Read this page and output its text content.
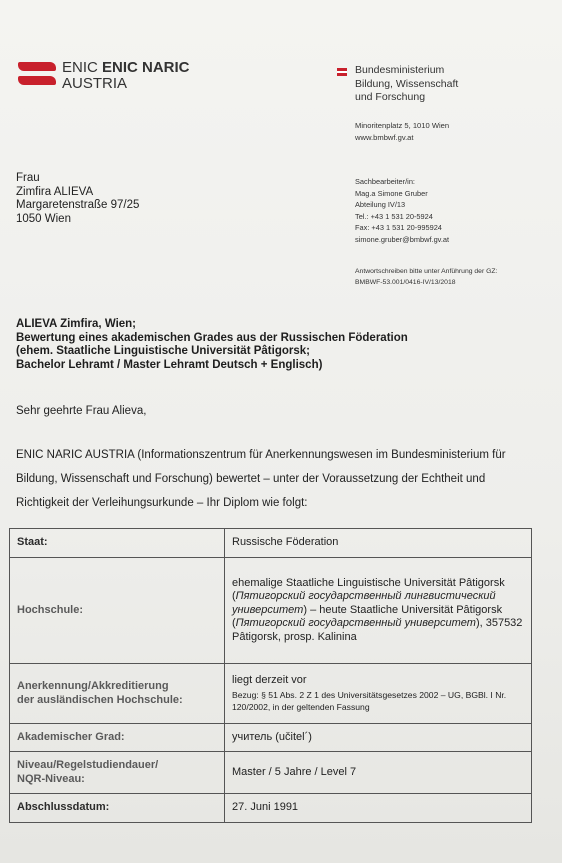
ENIC ENIC NARIC
AUSTRIA
Bundesministerium
Bildung, Wissenschaft
und Forschung
Minoritenplatz 5, 1010 Wien
www.bmbwf.gv.at
Frau
Zimfira ALIEVA
Margaretenstraße 97/25
1050 Wien
Sachbearbeiter/in:
Mag.a Simone Gruber
Abteilung IV/13
Tel.: +43 1 531 20-5924
Fax: +43 1 531 20-995924
simone.gruber@bmbwf.gv.at
Antwortschreiben bitte unter Anführung der GZ:
BMBWF-53.001/0416-IV/13/2018
ALIEVA Zimfira, Wien;
Bewertung eines akademischen Grades aus der Russischen Föderation
(ehem. Staatliche Linguistische Universität Pâtigorsk;
Bachelor Lehramt / Master Lehramt Deutsch + Englisch)
Sehr geehrte Frau Alieva,
ENIC NARIC AUSTRIA (Informationszentrum für Anerkennungswesen im Bundesministerium für Bildung, Wissenschaft und Forschung) bewertet – unter der Voraussetzung der Echtheit und Richtigkeit der Verleihungsurkunde – Ihr Diplom wie folgt:
Staat:	Russische Föderation
Hochschule:	ehemalige Staatliche Linguistische Universität Pâtigorsk (Пятигорский государственный лингвистический университет) – heute Staatliche Universität Pâtigorsk (Пятигорский государственный университет), 357532 Pâtigorsk, prosp. Kalinina
Anerkennung/Akkreditierung
der ausländischen Hochschule:	liegt derzeit vor
Bezug: § 51 Abs. 2 Z 1 des Universitätsgesetzes 2002 – UG, BGBl. I Nr. 120/2002, in der geltenden Fassung

Akademischer Grad:	учитель (učitel´)
Niveau/Regelstudiendauer/
NQR-Niveau:	Master / 5 Jahre / Level 7
Abschlussdatum:	27. Juni 1991
